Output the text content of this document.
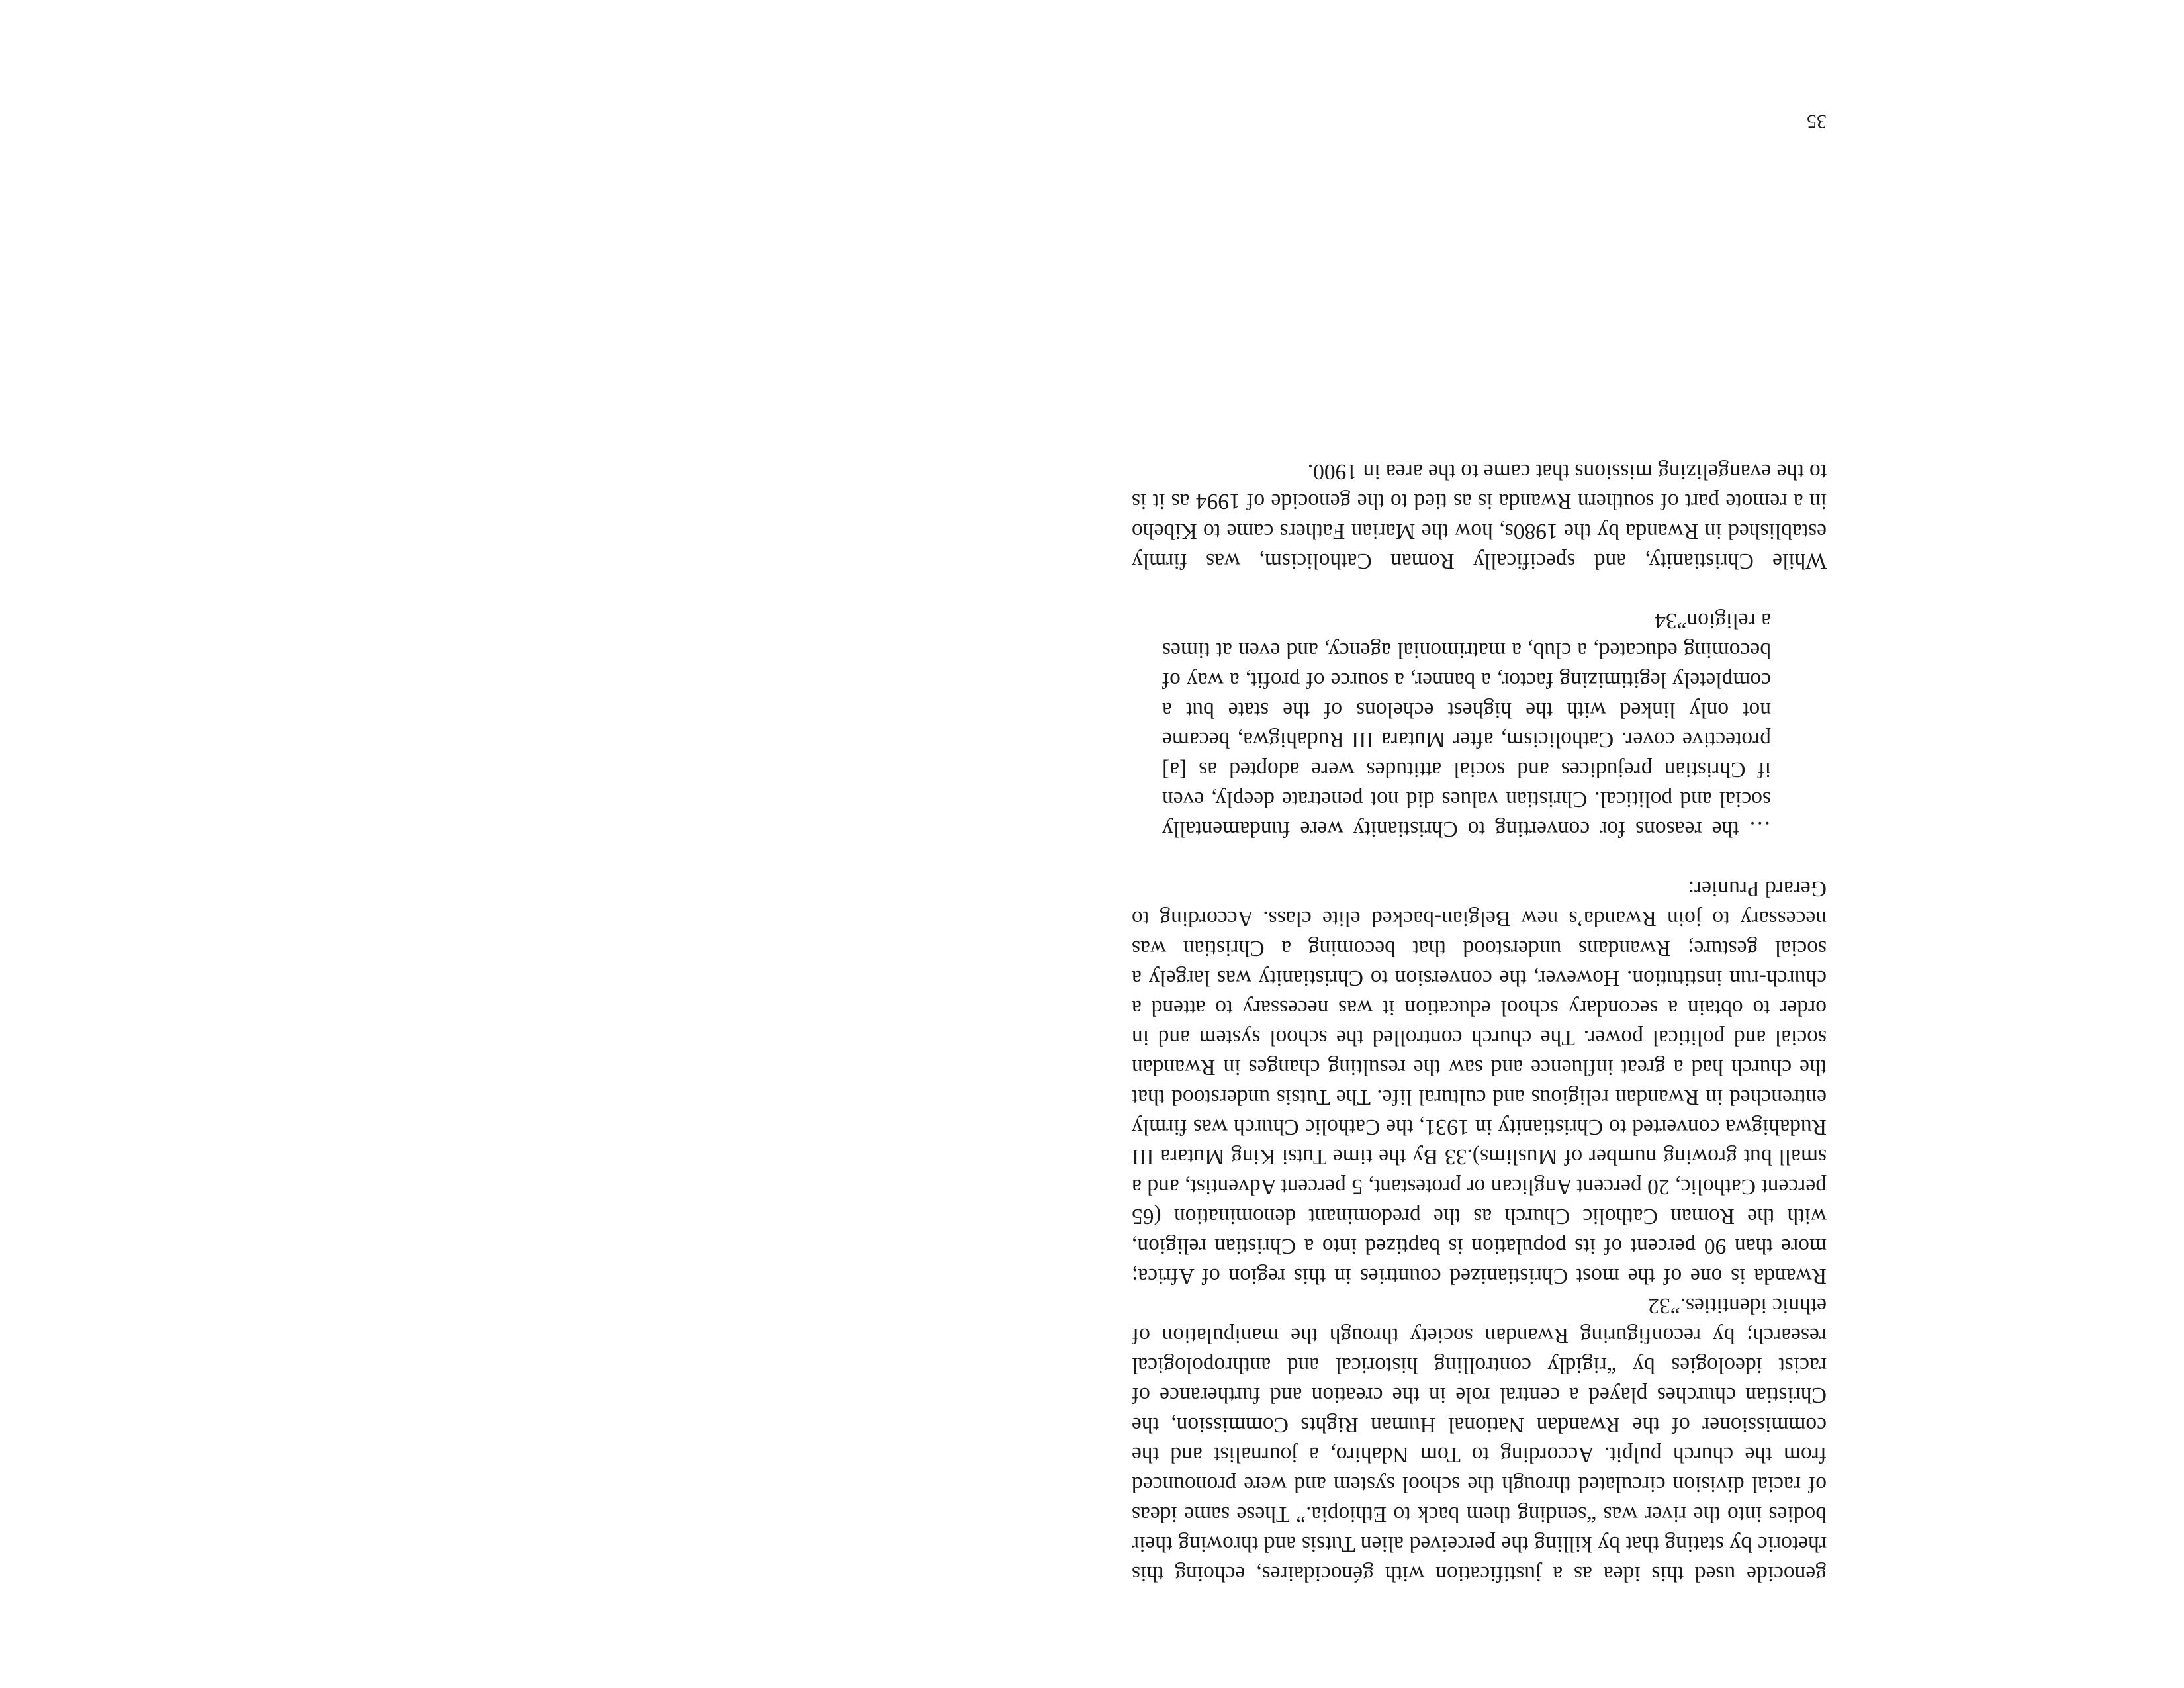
genocide used this idea as a justification with génocidaires, echoing this rhetoric by stating that by killing the perceived alien Tutsis and throwing their bodies into the river was “sending them back to Ethiopia.” These same ideas of racial division circulated through the school system and were pronounced from the church pulpit. According to Tom Ndahiro, a journalist and the commissioner of the Rwandan National Human Rights Commission, the Christian churches played a central role in the creation and furtherance of racist ideologies by “rigidly controlling historical and anthropological research; by reconfiguring Rwandan society through the manipulation of ethnic identities.”32

Rwanda is one of the most Christianized countries in this region of Africa; more than 90 percent of its population is baptized into a Christian religion, with the Roman Catholic Church as the predominant denomination (65 percent Catholic, 20 percent Anglican or protestant, 5 percent Adventist, and a small but growing number of Muslims).33 By the time Tutsi King Mutara III Rudahigwa converted to Christianity in 1931, the Catholic Church was firmly entrenched in Rwandan religious and cultural life. The Tutsis understood that the church had a great influence and saw the resulting changes in Rwandan social and political power. The church controlled the school system and in order to obtain a secondary school education it was necessary to attend a church-run institution. However, the conversion to Christianity was largely a social gesture; Rwandans understood that becoming a Christian was necessary to join Rwanda’s new Belgian-backed elite class. According to Gerard Prunier:

… the reasons for converting to Christianity were fundamentally social and political. Christian values did not penetrate deeply, even if Christian prejudices and social attitudes were adopted as [a] protective cover. Catholicism, after Mutara III Rudahigwa, became not only linked with the highest echelons of the state but a completely legitimizing factor, a banner, a source of profit, a way of becoming educated, a club, a matrimonial agency, and even at times a religion”34

While Christianity, and specifically Roman Catholicism, was firmly established in Rwanda by the 1980s, how the Marian Fathers came to Kibeho in a remote part of southern Rwanda is as tied to the genocide of 1994 as it is to the evangelizing missions that came to the area in 1900.

35
